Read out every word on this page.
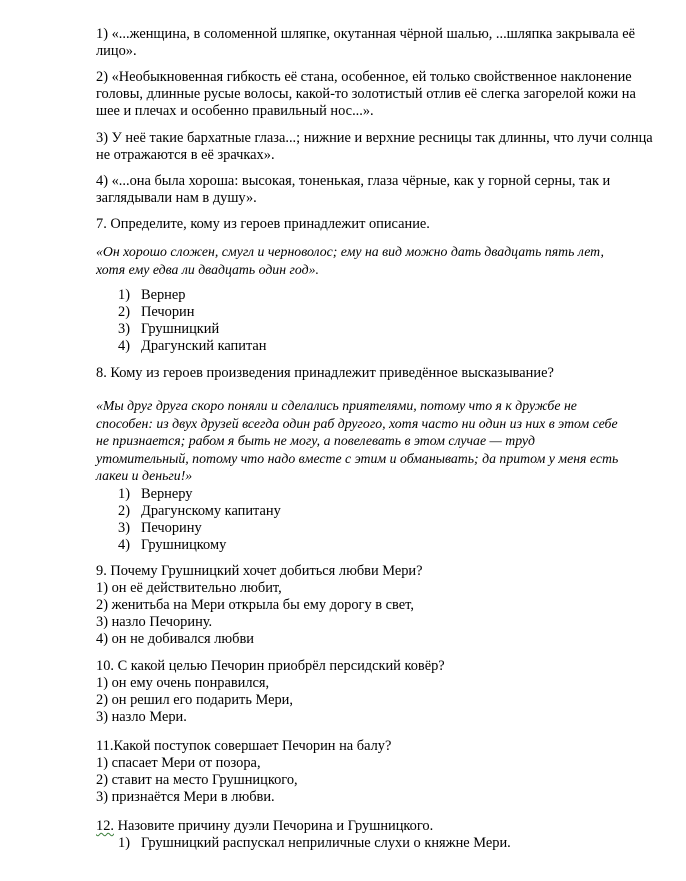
1) «...женщина, в соломенной шляпке, окутанная чёрной шалью, ...шляпка закрывала её

лицо».

2) «Необыкновенная гибкость её стана, особенное, ей только свойственное наклонение

головы, длинные русые волосы, какой-то золотистый отлив её слегка загорелой кожи на

шее и плечах и особенно правильный нос...».

3) У неё такие бархатные глаза...; нижние и верхние ресницы так длинны, что лучи солнца

не отражаются в её зрачках».

4) «...она была хороша: высокая, тоненькая, глаза чёрные, как у горной серны, так и

заглядывали нам в душу».

7. Определите, кому из героев принадлежит описание.

«Он хорошо сложен, смугл и черноволос; ему на вид можно дать двадцать пять лет,

хотя ему едва ли двадцать один год».

1) Вернер
2) Печорин
3) Грушницкий
4) Драгунский капитан

8. Кому из героев произведения принадлежит приведённое высказывание?

«Мы друг друга скоро поняли и сделались приятелями, потому что я к дружбе не

способен: из двух друзей всегда один раб другого, хотя часто ни один из них в этом себе

не признается; рабом я быть не могу, а повелевать в этом случае — труд

утомительный, потому что надо вместе с этим и обманывать; да притом у меня есть

лакеи и деньги!»

1) Вернеру
2) Драгунскому капитану
3) Печорину
4) Грушницкому

9. Почему Грушницкий хочет добиться любви Мери?

1) он её действительно любит,

2) женитьба на Мери открыла бы ему дорогу в свет,

3) назло Печорину.

4) он не добивался любви

10. С какой целью Печорин приобрёл персидский ковёр?

1) он ему очень понравился,

2) он решил его подарить Мери,

3) назло Мери.

11.Какой поступок совершает Печорин на балу?

1) спасает Мери от позора,

2) ставит на место Грушницкого,

3) признаётся Мери в любви.

12. Назовите причину дуэли Печорина и Грушницкого.

1) Грушницкий распускал неприличные слухи о княжне Мери.
